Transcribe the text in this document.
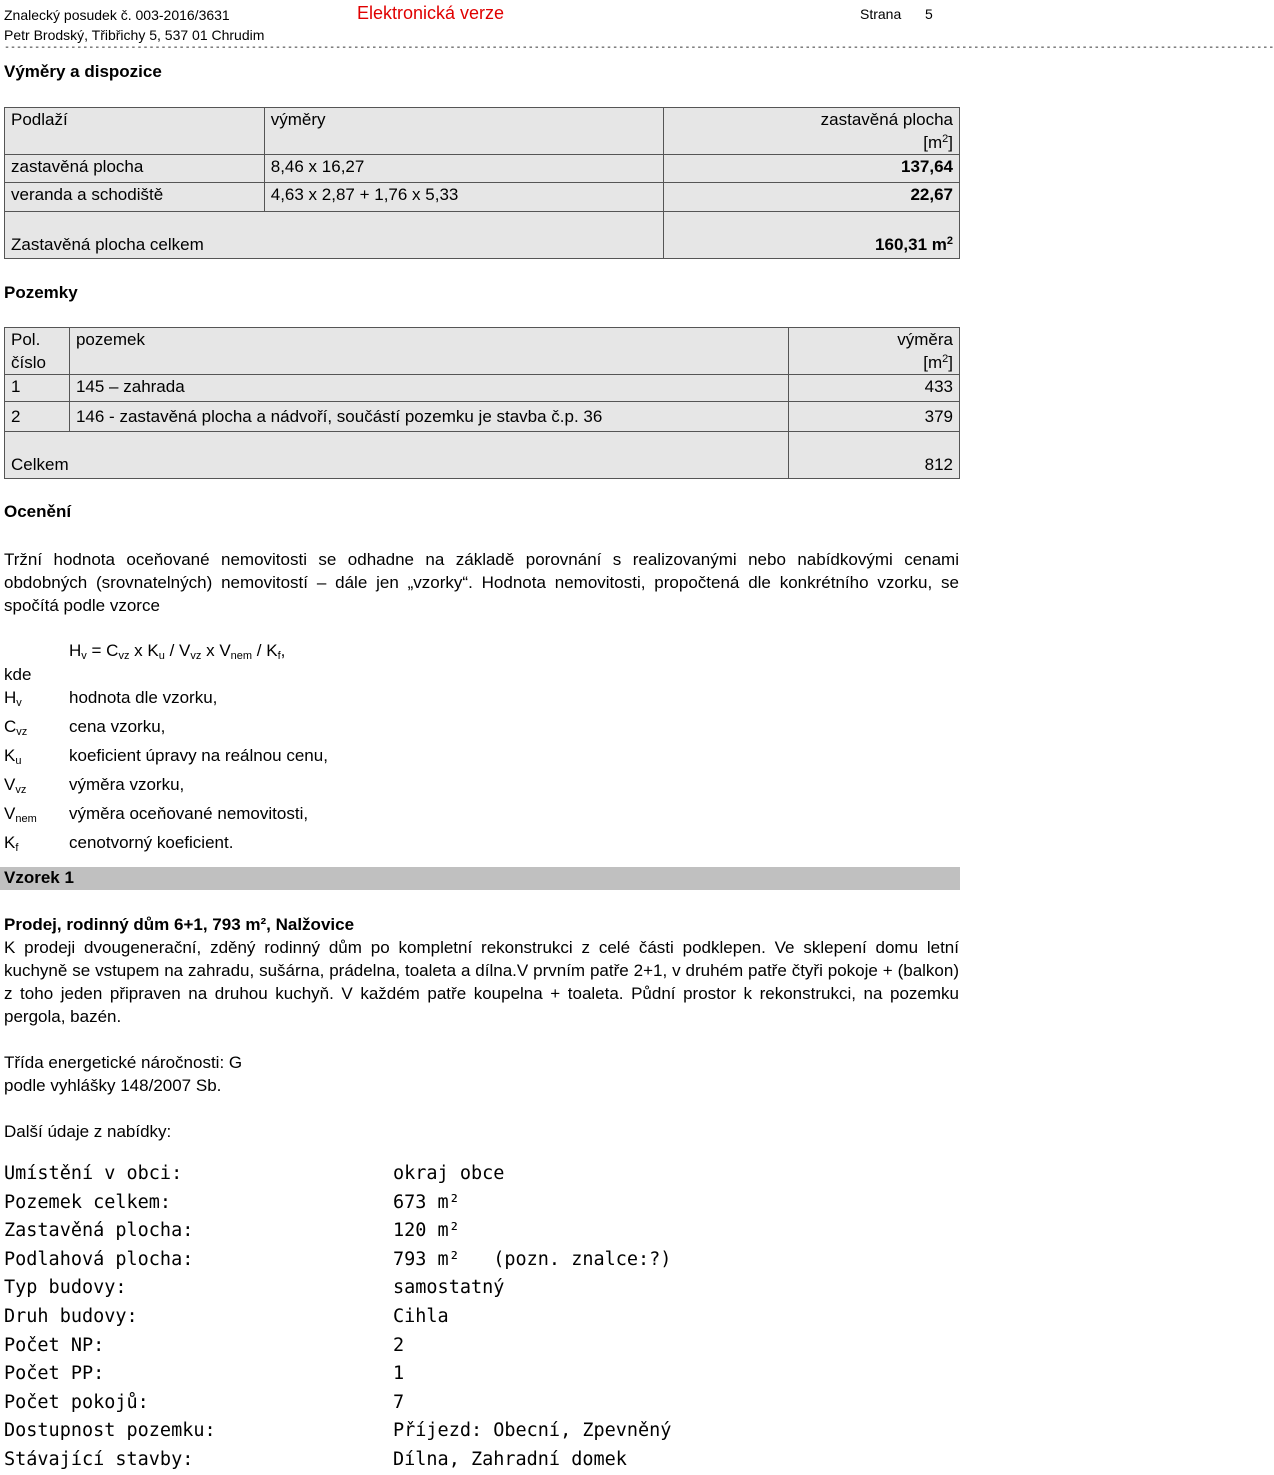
Znalecký posudek č. 003-2016/3631
Petr Brodský, Třibřichy 5, 537 01 Chrudim
Elektronická verze	Strana 5
-------------------------------------------------------------------------------------------------------------------------------------------------------------------------------------------------------------------
Výměry a dispozice
Podlaží	výměry	zastavěná plocha
$[m^2]$
zastavěná plocha	8,46 x 16,27	137,64
veranda a schodiště	4,63 x 2,87 + 1,76 x 5,33	22,67
Zastavěná plocha celkem		160,31 $m^2$
Pozemky
Pol.
číslo	pozemek	výměra
$[m^2]$
1	145 – zahrada	433
2	146 - zastavěná plocha a nádvoří, součástí pozemku je stavba č.p. 36	379
Celkem		812
Ocenění
Tržní hodnota oceňované nemovitosti se odhadne na základě porovnání s realizovanými nebo nabídkovými cenami obdobných (srovnatelných) nemovitostí – dále jen „vzorky“. Hodnota nemovitosti, propočtená dle konkrétního vzorku, se spočítá podle vzorce
$H_v = C_{vz}$ x $K_u / V_{vz}$ x $V_{nem} / K_f$,
kde
$H_v$	hodnota dle vzorku,
$C_{vz}$	cena vzorku,
$K_u$	koeficient úpravy na reálnou cenu,
$V_{vz}$	výměra vzorku,
$V_{nem}$	výměra oceňované nemovitosti,
$K_f$	cenotvorný koeficient.
Vzorek 1
Prodej, rodinný dům 6+1, 793 m², Nalžovice
K prodeji dvougenerační, zděný rodinný dům po kompletní rekonstrukci z celé části podklepen. Ve sklepení domu letní kuchyně se vstupem na zahradu, sušárna, prádelna, toaleta a dílna.V prvním patře 2+1, v druhém patře čtyři pokoje + (balkon) z toho jeden připraven na druhou kuchyň. V každém patře koupelna + toaleta. Půdní prostor k rekonstrukci, na pozemku pergola, bazén.
Třída energetické náročnosti: G
podle vyhlášky 148/2007 Sb.
Další údaje z nabídky:
Umístění v obci:	okraj obce
Pozemek celkem:	673 m²
Zastavěná plocha:	120 m²
Podlahová plocha:	793 m²   (pozn. znalce:?)
Typ budovy:	samostatný
Druh budovy:	Cihla
Počet NP:	2
Počet PP:	1
Počet pokojů:	7
Dostupnost pozemku:	Příjezd: Obecní, Zpevněný
Stávající stavby:	Dílna, Zahradní domek
